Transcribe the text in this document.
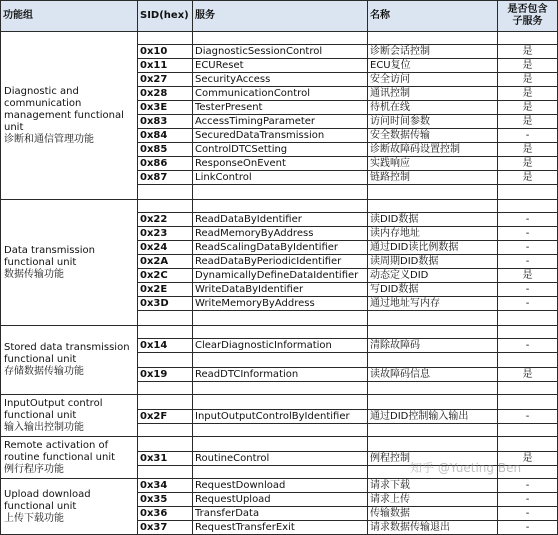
功能组	SID(hex)	服务	名称	是否包含
子服务
Diagnostic and communication management functional unit
诊断和通信管理功能				
	0x10	DiagnosticSessionControl	诊断会话控制	是
	0x11	ECUReset	ECU复位	是
	0x27	SecurityAccess	安全访问	是
	0x28	CommunicationControl	通讯控制	是
	0x3E	TesterPresent	待机在线	是
	0x83	AccessTimingParameter	访问时间参数	是
	0x84	SecuredDataTransmission	安全数据传输	-
	0x85	ControlDTCSetting	诊断故障码设置控制	是
	0x86	ResponseOnEvent	实践响应	是
	0x87	LinkControl	链路控制	是

Data transmission functional unit
数据传输功能				
	0x22	ReadDataByIdentifier	读DID数据	-
	0x23	ReadMemoryByAddress	读内存地址	-
	0x24	ReadScalingDataByIdentifier	通过DID读比例数据	-
	0x2A	ReadDataByPeriodicIdentifier	读周期DID数据	-
	0x2C	DynamicallyDefineDataIdentifier	动态定义DID	是
	0x2E	WriteDataByIdentifier	写DID数据	-
	0x3D	WriteMemoryByAddress	通过地址写内存	-

Stored data transmission functional unit
存储数据传输功能				
	0x14	ClearDiagnosticInformation	清除故障码	-

	0x19	ReadDTCInformation	读故障码信息	是

InputOutput control functional unit
输入输出控制功能				
	0x2F	InputOutputControlByIdentifier	通过DID控制输入输出	-

Remote activation of routine functional unit
例行程序功能				
	0x31	RoutineControl	例程控制	是

Upload download functional unit
上传下载功能	0x34	RequestDownload	请求下载	-
	0x35	RequestUpload	请求上传	-
	0x36	TransferData	传输数据	-
	0x37	RequestTransferExit	请求数据传输退出	-
知乎 @Yueting Ben
